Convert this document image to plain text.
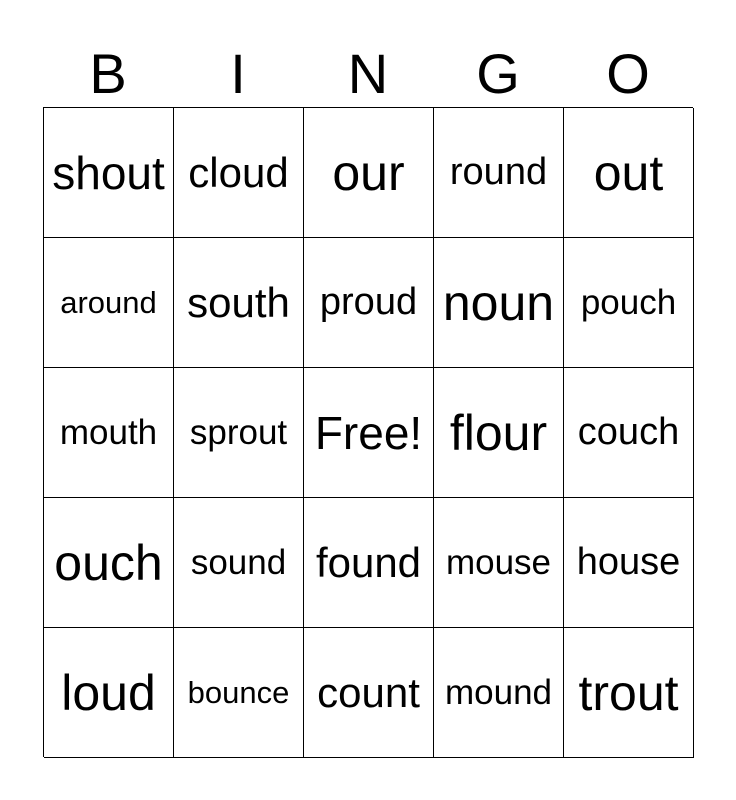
B	I	N	G	O
shout cloud our	round out
around south proud noun pouch
mouth sprout Free! flour couch
ouch sound found mouse house
loud	bounce count mound trout
